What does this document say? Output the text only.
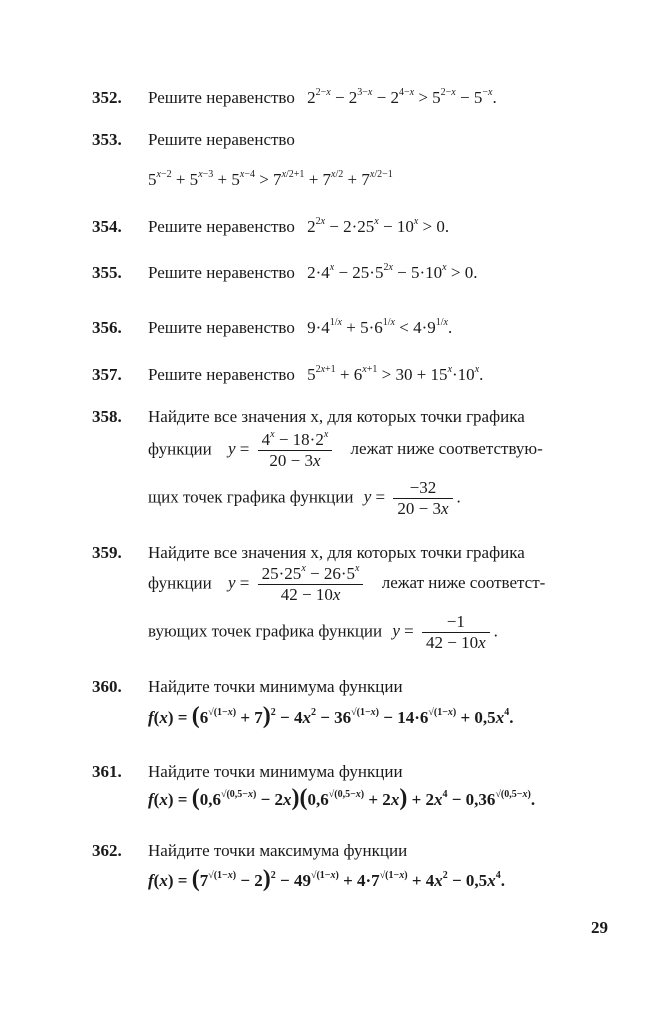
352.	Решите неравенство $2^{2-x} - 2^{3-x} - 2^{4-x} > 5^{2-x} - 5^{-x}$.
353.	Решите неравенство
$5^{x-2} + 5^{x-3} + 5^{x-4} > 7^{x/2+1} + 7^{x/2} + 7^{x/2-1}$
354.	Решите неравенство $2^{2x} - 2\cdot 25^x - 10^x > 0$.
355.	Решите неравенство $2\cdot 4^x - 25\cdot 5^{2x} - 5\cdot 10^x > 0$.
356.	Решите неравенство $9\cdot 4^{1/x} + 5\cdot 6^{1/x} < 4\cdot 9^{1/x}$.
357.	Решите неравенство $5^{2x+1} + 6^{x+1} > 30 + 15^x\cdot 10^x$.
358.	Найдите все значения x, для которых точки графика
функции $y = \frac{4^x - 18\cdot 2^x}{20 - 3x}$ лежат ниже соответствую-
щих точек графика функции $y = \frac{-32}{20 - 3x}$ .
359.	Найдите все значения x, для которых точки графика
функции $y = \frac{25\cdot 25^x - 26\cdot 5^x}{42 - 10x}$ лежат ниже соответст-
вующих точек графика функции $y = \frac{-1}{42 - 10x}$ .
360.	Найдите точки минимума функции
$f(x) = (6^{√(1-x)} + 7)^2 - 4x^2 - 36^{√(1-x)} - 14\cdot 6^{√(1-x)} + 0,5x^4$.
361.	Найдите точки минимума функции
$f(x) = (0,6^{√(0,5-x)} - 2x)(0,6^{√(0,5-x)} + 2x) + 2x^4 - 0,36^{√(0,5-x)}$.
362.	Найдите точки максимума функции
$f(x) = (7^{√(1-x)} - 2)^2 - 49^{√(1-x)} + 4\cdot 7^{√(1-x)} + 4x^2 - 0,5x^4$.
29
